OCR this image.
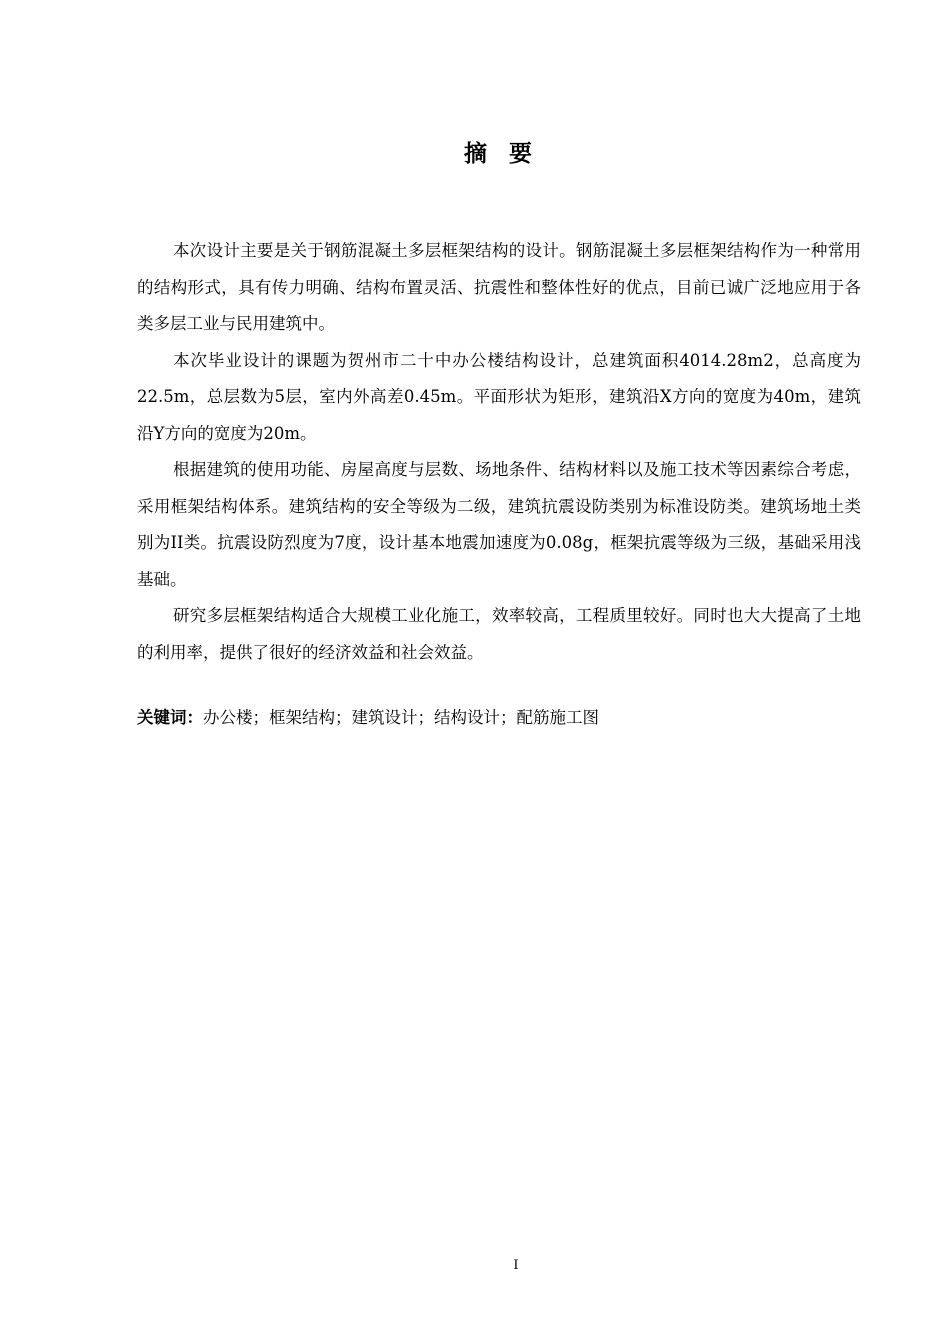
摘  要

本次设计主要是关于钢筋混凝土多层框架结构的设计。钢筋混凝土多层框架结构作为一种常用的结构形式，具有传力明确、结构布置灵活、抗震性和整体性好的优点，目前已诚广泛地应用于各类多层工业与民用建筑中。

本次毕业设计的课题为贺州市二十中办公楼结构设计，总建筑面积4014.28m2，总高度为22.5m，总层数为5层，室内外高差0.45m。平面形状为矩形，建筑沿X方向的宽度为40m，建筑沿Y方向的宽度为20m。

根据建筑的使用功能、房屋高度与层数、场地条件、结构材料以及施工技术等因素综合考虑，采用框架结构体系。建筑结构的安全等级为二级，建筑抗震设防类别为标准设防类。建筑场地土类别为II类。抗震设防烈度为7度，设计基本地震加速度为0.08g，框架抗震等级为三级，基础采用浅基础。

研究多层框架结构适合大规模工业化施工，效率较高，工程质里较好。同时也大大提高了土地的利用率，提供了很好的经济效益和社会效益。

关键词：办公楼；框架结构；建筑设计；结构设计；配筋施工图
I
